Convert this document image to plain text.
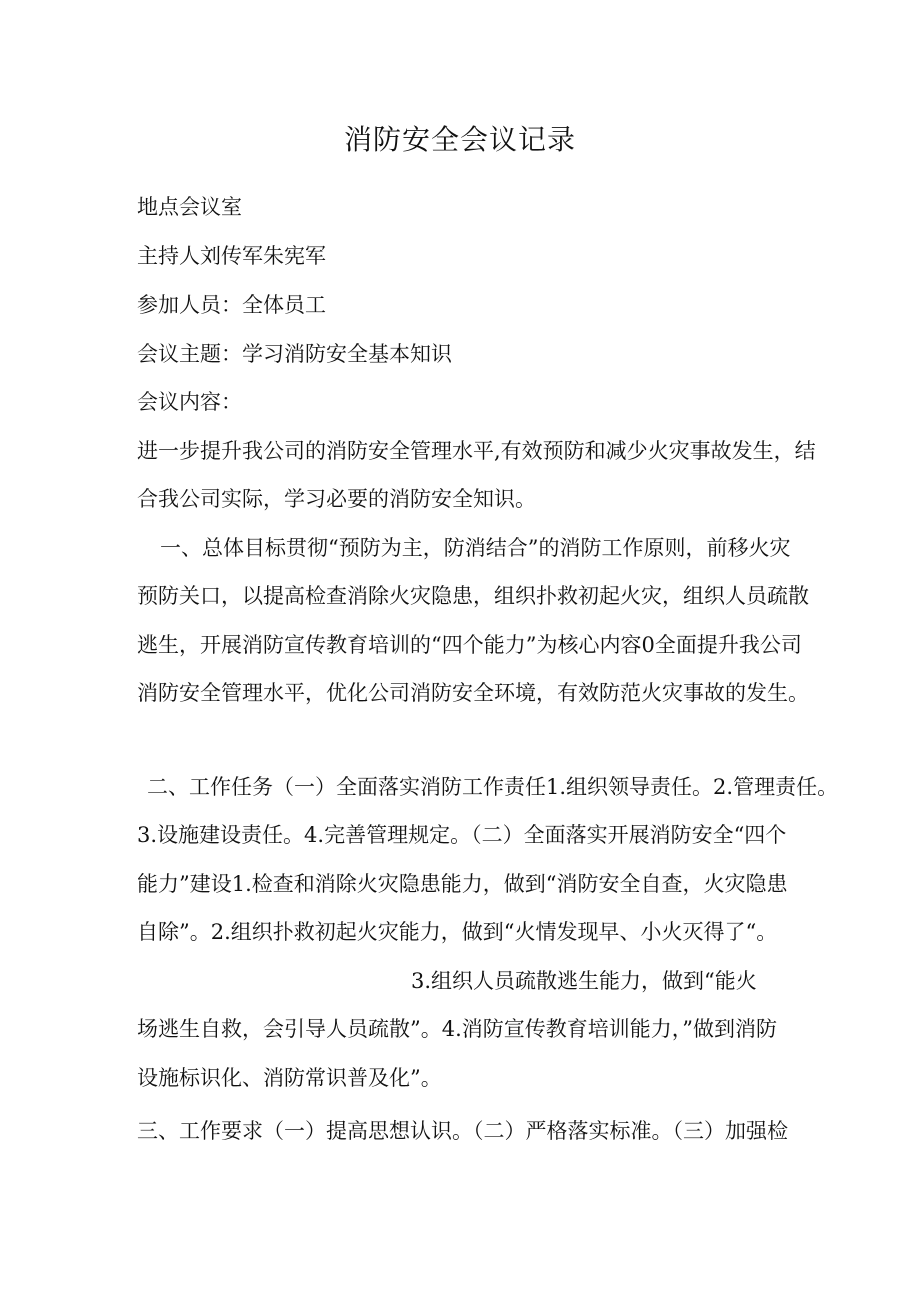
消防安全会议记录
地点会议室
主持人刘传军朱宪军
参加人员：全体员工
会议主题：学习消防安全基本知识
会议内容：
进一步提升我公司的消防安全管理水平,有效预防和减少火灾事故发生，结
合我公司实际，学习必要的消防安全知识。
一、总体目标贯彻“预防为主，防消结合”的消防工作原则，前移火灾
预防关口，以提高检查消除火灾隐患，组织扑救初起火灾，组织人员疏散
逃生，开展消防宣传教育培训的“四个能力”为核心内容0全面提升我公司
消防安全管理水平，优化公司消防安全环境，有效防范火灾事故的发生。
二、工作任务（一）全面落实消防工作责任1.组织领导责任。2.管理责任。
3.设施建设责任。4.完善管理规定。（二）全面落实开展消防安全“四个
能力”建设1.检查和消除火灾隐患能力，做到“消防安全自查，火灾隐患
自除”。2.组织扑救初起火灾能力，做到“火情发现早、小火灭得了“。
3.组织人员疏散逃生能力，做到“能火
场逃生自救，会引导人员疏散”。4.消防宣传教育培训能力，”做到消防
设施标识化、消防常识普及化”。
三、工作要求（一）提高思想认识。（二）严格落实标准。（三）加强检
